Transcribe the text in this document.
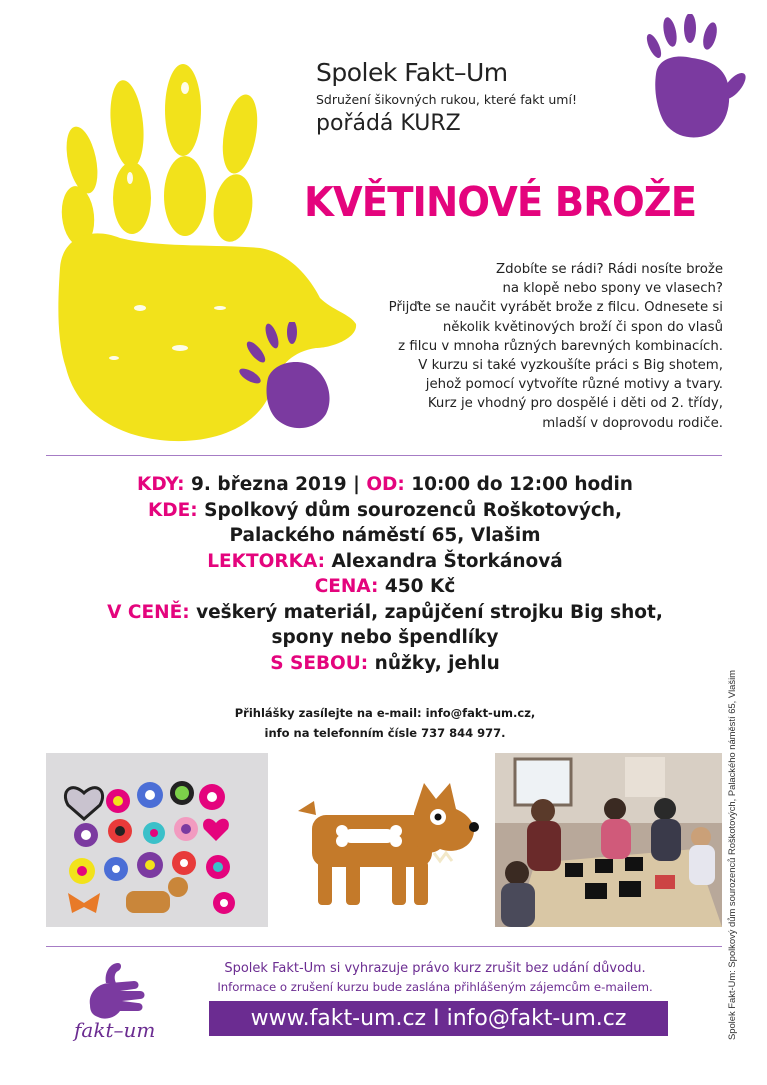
Spolek Fakt–Um
Sdružení šikovných rukou, které fakt umí!
pořádá KURZ
KVĚTINOVÉ BROŽE

Zdobíte se rádi? Rádi nosíte brože

na klopě nebo spony ve vlasech?

Přijďte se naučit vyrábět brože z filcu. Odnesete si

několik květinových broží či spon do vlasů

z filcu v mnoha různých barevných kombinacích.

V kurzu si také vyzkoušíte práci s Big shotem,

jehož pomocí vytvoříte různé motivy a tvary.

Kurz je vhodný pro dospělé i děti od 2. třídy,

mladší v doprovodu rodiče.

KDY: 9. března 2019 | OD: 10:00 do 12:00 hodin
KDE: Spolkový dům sourozenců Roškotových,
Palackého náměstí 65, Vlašim
LEKTORKA: Alexandra Štorkánová
CENA: 450 Kč
V CENĚ: veškerý materiál, zapůjčení strojku Big shot,
spony nebo špendlíky
S SEBOU: nůžky, jehlu
Přihlášky zasílejte na e-mail: info@fakt-um.cz,
info na telefonním čísle 737 844 977.	Spolek Fakt-Um: Spolkový dům sourozenců Roškotových, Palackého náměstí 65, Vlašim
fakt–um
Spolek Fakt-Um si vyhrazuje právo kurz zrušit bez udání důvodu.
Informace o zrušení kurzu bude zaslána přihlášeným zájemcům e-mailem.
www.fakt-um.cz I info@fakt-um.cz
